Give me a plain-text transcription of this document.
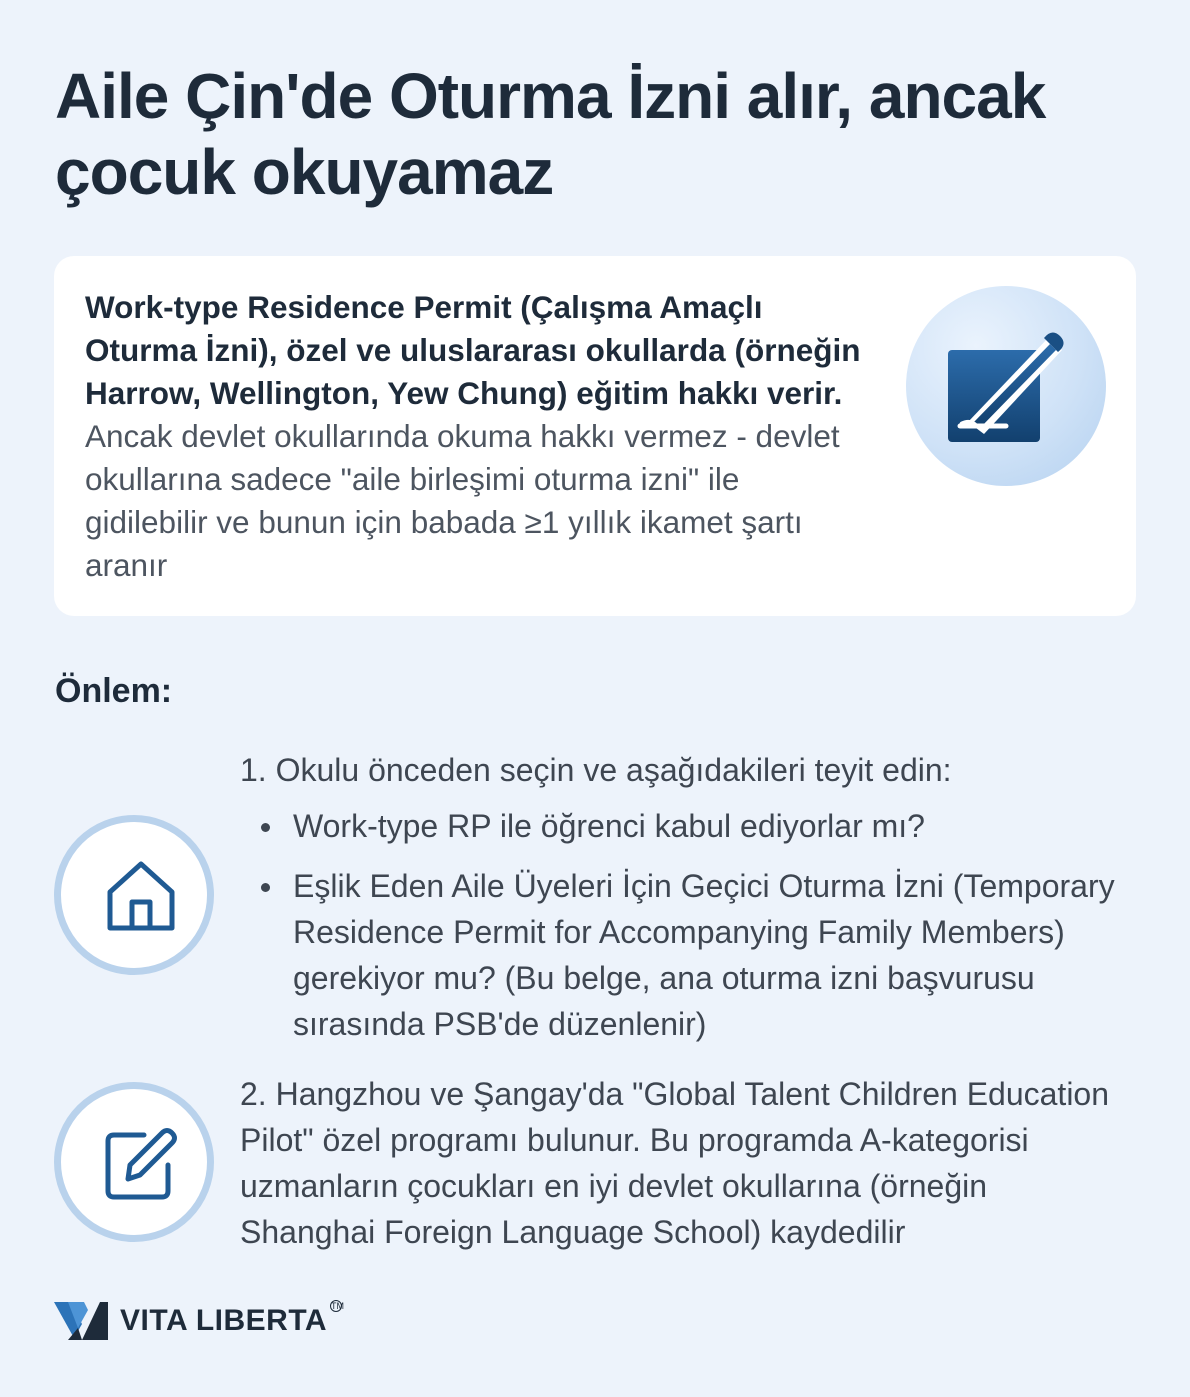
Aile Çin'de Oturma İzni alır, ancak çocuk okuyamaz

Work-type Residence Permit (Çalışma Amaçlı Oturma İzni), özel ve uluslararası okullarda (örneğin Harrow, Wellington, Yew Chung) eğitim hakkı verir. Ancak devlet okullarında okuma hakkı vermez - devlet okullarına sadece "aile birleşimi oturma izni" ile gidilebilir ve bunun için babada ≥1 yıllık ikamet şartı aranır

Önlem:

1. Okulu önceden seçin ve aşağıdakileri teyit edin:

Work-type RP ile öğrenci kabul ediyorlar mı?
Eşlik Eden Aile Üyeleri İçin Geçici Oturma İzni (Temporary Residence Permit for Accompanying Family Members) gerekiyor mu? (Bu belge, ana oturma izni başvurusu sırasında PSB'de düzenlenir)

2. Hangzhou ve Şangay'da "Global Talent Children Education Pilot" özel programı bulunur. Bu programda A-kategorisi uzmanların çocukları en iyi devlet okullarına (örneğin Shanghai Foreign Language School) kaydedilir

VITA LIBERTA TM
